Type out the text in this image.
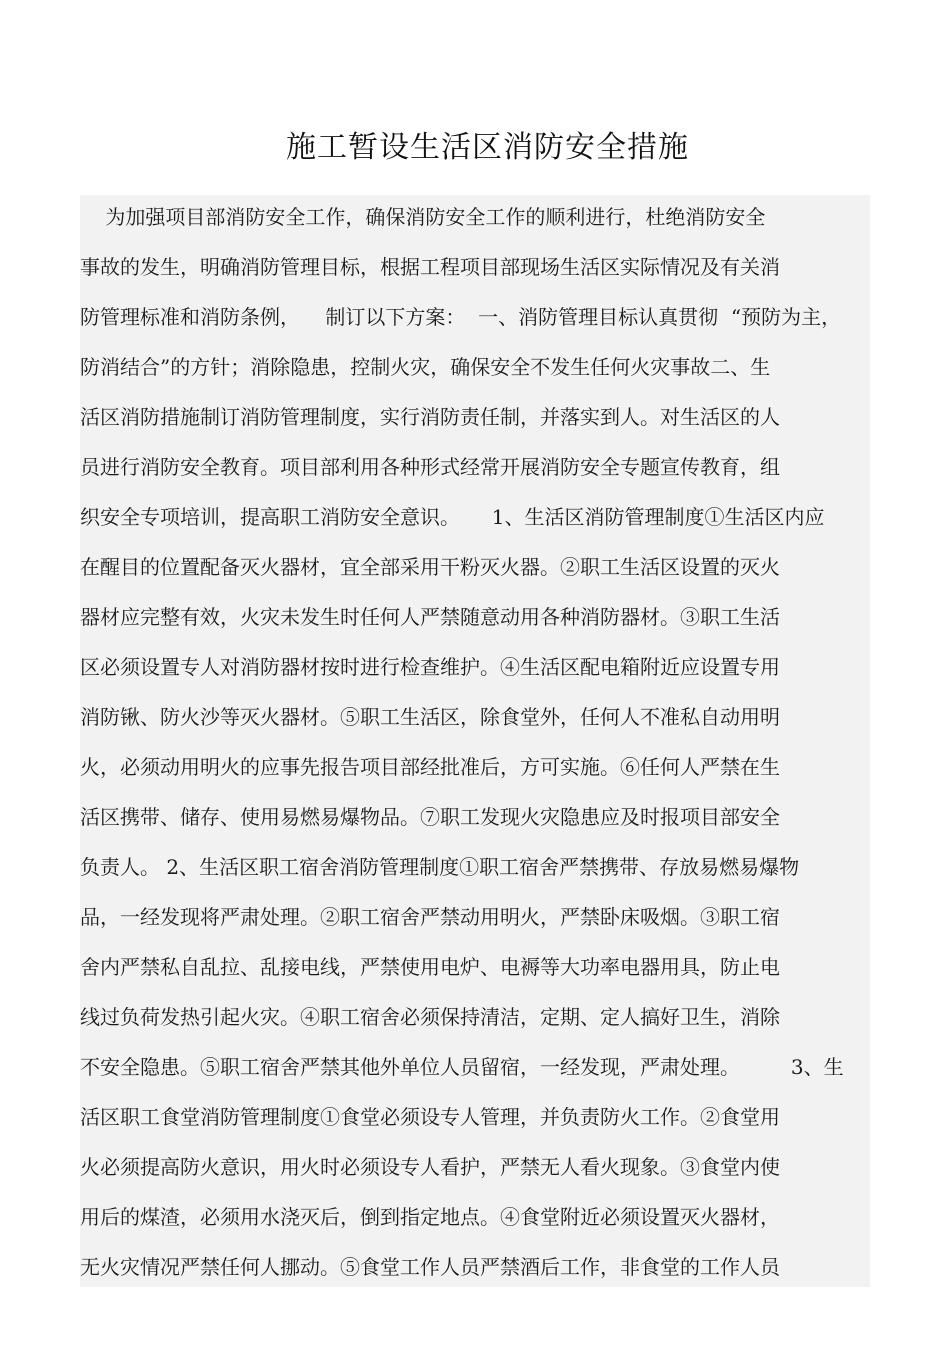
施工暂设生活区消防安全措施
为加强项目部消防安全工作，确保消防安全工作的顺利进行，杜绝消防安全
事故的发生，明确消防管理目标，根据工程项目部现场生活区实际情况及有关消
防管理标准和消防条例，    制订以下方案：  一、消防管理目标认真贯彻  “预防为主，
防消结合”的方针；消除隐患，控制火灾，确保安全不发生任何火灾事故二、生
活区消防措施制订消防管理制度，实行消防责任制，并落实到人。对生活区的人
员进行消防安全教育。项目部利用各种形式经常开展消防安全专题宣传教育，组
织安全专项培训，提高职工消防安全意识。     1、生活区消防管理制度①生活区内应
在醒目的位置配备灭火器材，宜全部采用干粉灭火器。②职工生活区设置的灭火
器材应完整有效，火灾未发生时任何人严禁随意动用各种消防器材。③职工生活
区必须设置专人对消防器材按时进行检查维护。④生活区配电箱附近应设置专用
消防锹、防火沙等灭火器材。⑤职工生活区，除食堂外，任何人不准私自动用明
火，必须动用明火的应事先报告项目部经批准后，方可实施。⑥任何人严禁在生
活区携带、储存、使用易燃易爆物品。⑦职工发现火灾隐患应及时报项目部安全
负责人。 2、生活区职工宿舍消防管理制度①职工宿舍严禁携带、存放易燃易爆物
品，一经发现将严肃处理。②职工宿舍严禁动用明火，严禁卧床吸烟。③职工宿
舍内严禁私自乱拉、乱接电线，严禁使用电炉、电褥等大功率电器用具，防止电
线过负荷发热引起火灾。④职工宿舍必须保持清洁，定期、定人搞好卫生，消除
不安全隐患。⑤职工宿舍严禁其他外单位人员留宿，一经发现，严肃处理。        3、生
活区职工食堂消防管理制度①食堂必须设专人管理，并负责防火工作。②食堂用
火必须提高防火意识，用火时必须设专人看护，严禁无人看火现象。③食堂内使
用后的煤渣，必须用水浇灭后，倒到指定地点。④食堂附近必须设置灭火器材，
无火灾情况严禁任何人挪动。⑤食堂工作人员严禁酒后工作，非食堂的工作人员
